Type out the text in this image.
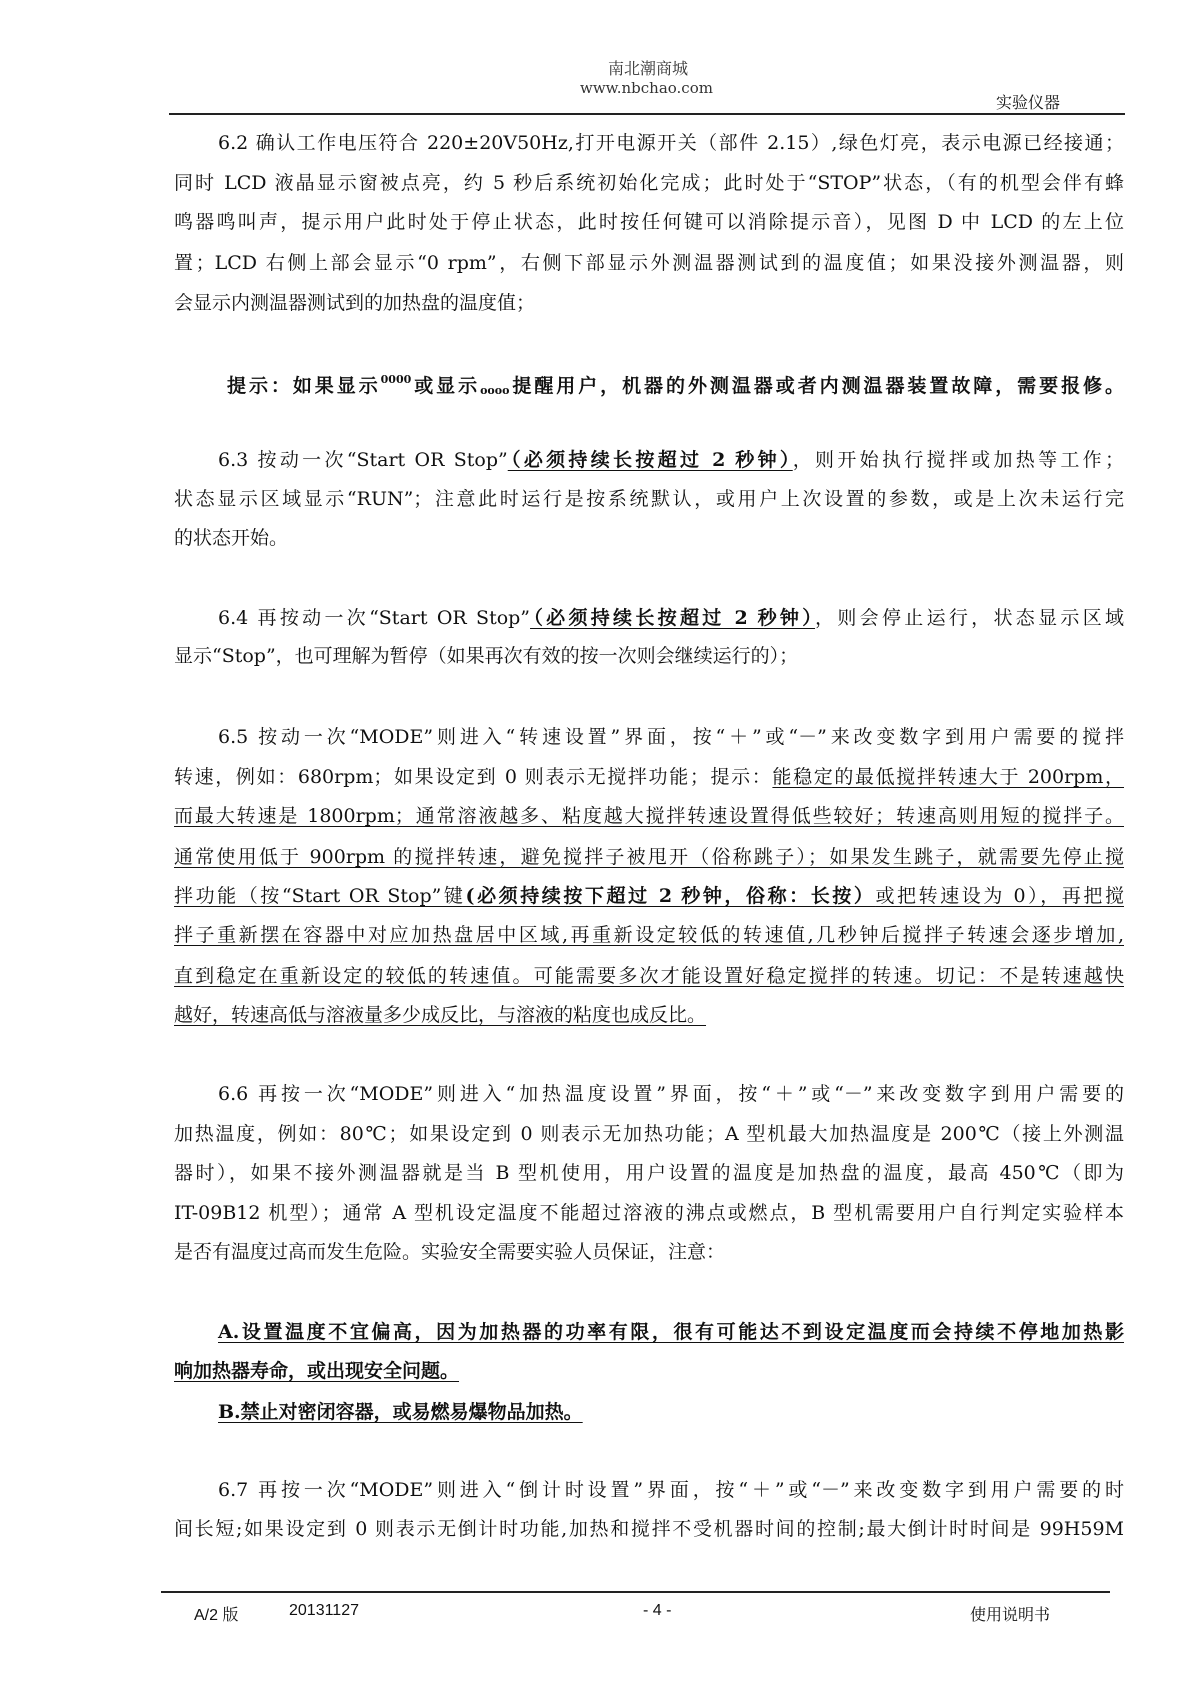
南北潮商城
www.nbchao.com
实验仪器
6.2 确认工作电压符合 220±20V50Hz,打开电源开关（部件 2.15）,绿色灯亮，表示电源已经接通；
同时 LCD 液晶显示窗被点亮，约 5 秒后系统初始化完成；此时处于“STOP”状态，（有的机型会伴有蜂
鸣器鸣叫声，提示用户此时处于停止状态，此时按任何键可以消除提示音），见图 D 中 LCD 的左上位
置；LCD 右侧上部会显示“0 rpm”，右侧下部显示外测温器测试到的温度值；如果没接外测温器，则
会显示内测温器测试到的加热盘的温度值；
提示：如果显示$^{0000}$或显示oooo提醒用户，机器的外测温器或者内测温器装置故障，需要报修。
6.3 按动一次“Start OR Stop”（必须持续长按超过 2 秒钟），则开始执行搅拌或加热等工作；
状态显示区域显示“RUN”；注意此时运行是按系统默认，或用户上次设置的参数，或是上次未运行完
的状态开始。
6.4 再按动一次“Start OR Stop”（必须持续长按超过 2 秒钟），则会停止运行，状态显示区域
显示“Stop”，也可理解为暂停（如果再次有效的按一次则会继续运行的）；
6.5 按动一次“MODE”则进入“转速设置”界面，按“＋”或“－”来改变数字到用户需要的搅拌
转速，例如：680rpm；如果设定到 0 则表示无搅拌功能；提示：能稳定的最低搅拌转速大于 200rpm，
而最大转速是 1800rpm；通常溶液越多、粘度越大搅拌转速设置得低些较好；转速高则用短的搅拌子。
通常使用低于 900rpm 的搅拌转速，避免搅拌子被甩开（俗称跳子）；如果发生跳子，就需要先停止搅
拌功能（按“Start OR Stop”键(必须持续按下超过 2 秒钟，俗称：长按）或把转速设为 0），再把搅
拌子重新摆在容器中对应加热盘居中区域,再重新设定较低的转速值,几秒钟后搅拌子转速会逐步增加,
直到稳定在重新设定的较低的转速值。可能需要多次才能设置好稳定搅拌的转速。切记：不是转速越快
越好，转速高低与溶液量多少成反比，与溶液的粘度也成反比。
6.6 再按一次“MODE”则进入“加热温度设置”界面，按“＋”或“－”来改变数字到用户需要的
加热温度，例如：80℃；如果设定到 0 则表示无加热功能；A 型机最大加热温度是 200℃（接上外测温
器时），如果不接外测温器就是当 B 型机使用，用户设置的温度是加热盘的温度，最高 450℃（即为
IT-09B12 机型）；通常 A 型机设定温度不能超过溶液的沸点或燃点，B 型机需要用户自行判定实验样本
是否有温度过高而发生危险。实验安全需要实验人员保证，注意：
A.设置温度不宜偏高，因为加热器的功率有限，很有可能达不到设定温度而会持续不停地加热影
响加热器寿命，或出现安全问题。
B.禁止对密闭容器，或易燃易爆物品加热。
6.7 再按一次“MODE”则进入“倒计时设置”界面，按“＋”或“－”来改变数字到用户需要的时
间长短;如果设定到 0 则表示无倒计时功能,加热和搅拌不受机器时间的控制;最大倒计时时间是 99H59M
A/2 版	20131127	- 4 -	使用说明书
